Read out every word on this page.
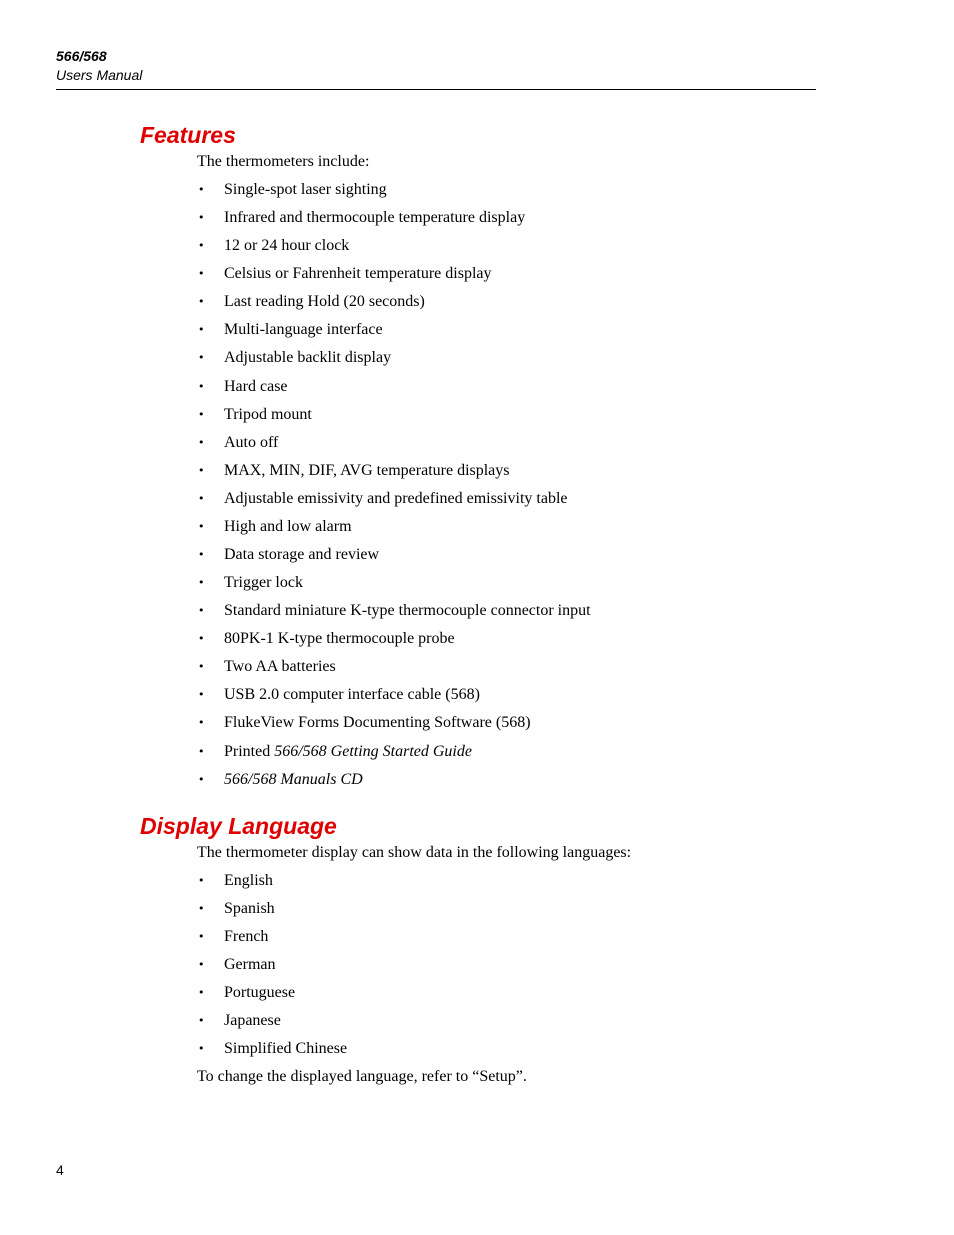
566/568
Users Manual
Features

The thermometers include:

• Single-spot laser sighting
• Infrared and thermocouple temperature display
• 12 or 24 hour clock
• Celsius or Fahrenheit temperature display
• Last reading Hold (20 seconds)
• Multi-language interface
• Adjustable backlit display
• Hard case
• Tripod mount
• Auto off
• MAX, MIN, DIF, AVG temperature displays
• Adjustable emissivity and predefined emissivity table
• High and low alarm
• Data storage and review
• Trigger lock
• Standard miniature K-type thermocouple connector input
• 80PK-1 K-type thermocouple probe
• Two AA batteries
• USB 2.0 computer interface cable (568)
• FlukeView Forms Documenting Software (568)
• Printed 566/568 Getting Started Guide
• 566/568 Manuals CD
Display Language

The thermometer display can show data in the following languages:

• English
• Spanish
• French
• German
• Portuguese
• Japanese
• Simplified Chinese

To change the displayed language, refer to “Setup”.

4
